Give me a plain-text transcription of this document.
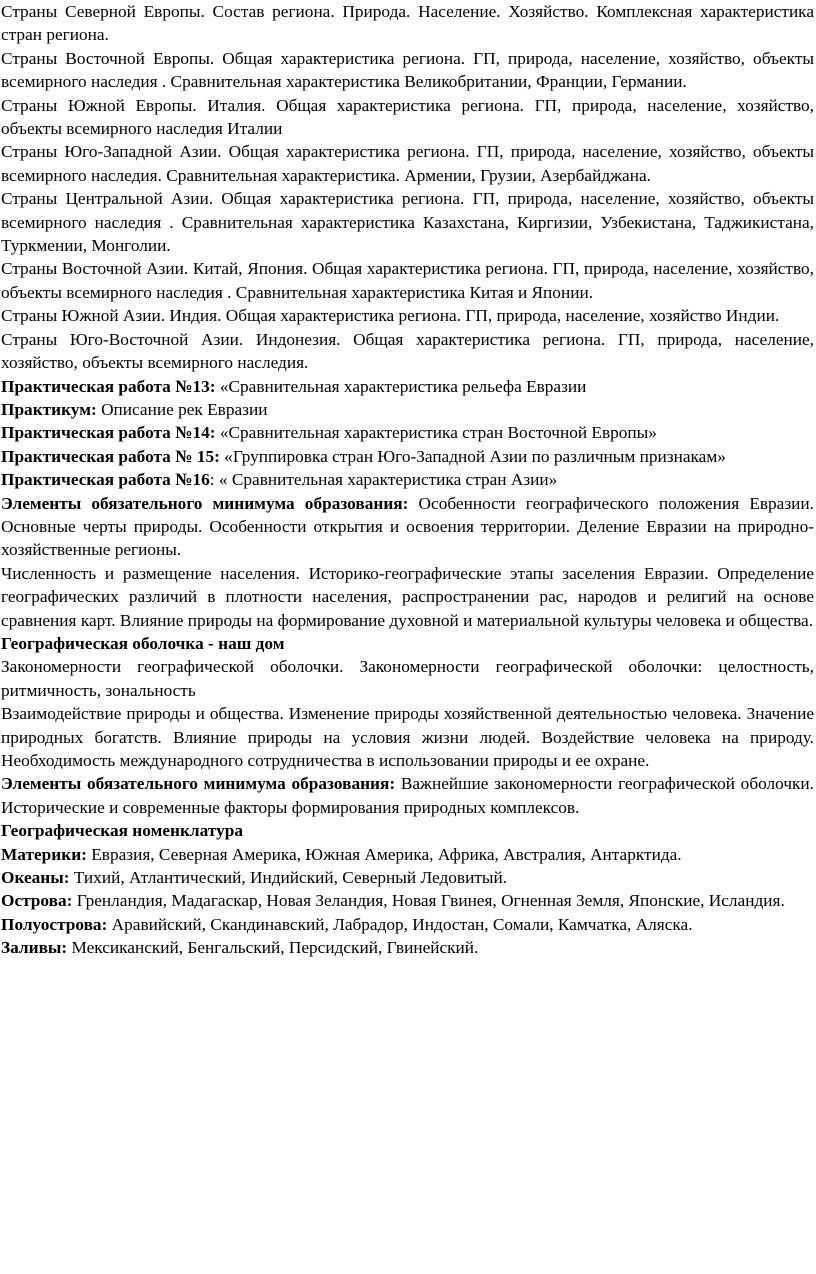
Страны Северной Европы. Состав региона. Природа. Население. Хозяйство. Комплексная характеристика стран региона.

Страны Восточной Европы. Общая характеристика региона. ГП, природа, население, хозяйство, объекты всемирного наследия . Сравнительная характеристика Великобритании, Франции, Германии.

Страны Южной Европы. Италия. Общая характеристика региона. ГП, природа, население, хозяйство, объекты всемирного наследия Италии

Страны Юго-Западной Азии. Общая характеристика региона. ГП, природа, население, хозяйство, объекты всемирного наследия. Сравнительная характеристика. Армении, Грузии, Азербайджана.

Страны Центральной Азии. Общая характеристика региона. ГП, природа, население, хозяйство, объекты всемирного наследия . Сравнительная характеристика Казахстана, Киргизии, Узбекистана, Таджикистана, Туркмении, Монголии.

Страны Восточной Азии. Китай, Япония. Общая характеристика региона. ГП, природа, население, хозяйство, объекты всемирного наследия . Сравнительная характеристика Китая и Японии.

Страны Южной Азии. Индия. Общая характеристика региона. ГП, природа, население, хозяйство Индии.

Страны Юго-Восточной Азии. Индонезия. Общая характеристика региона. ГП, природа, население, хозяйство, объекты всемирного наследия.

Практическая работа №13: «Сравнительная характеристика рельефа Евразии

Практикум: Описание рек Евразии

Практическая работа №14: «Сравнительная характеристика стран Восточной Европы»

Практическая работа № 15: «Группировка стран Юго-Западной Азии по различным признакам»

Практическая работа №16: « Сравнительная характеристика стран Азии»

Элементы обязательного минимума образования: Особенности географического положения Евразии. Основные черты природы. Особенности открытия и освоения территории. Деление Евразии на природно-хозяйственные регионы.

Численность и размещение населения. Историко-географические этапы заселения Евразии. Определение географических различий в плотности населения, распространении рас, народов и религий на основе сравнения карт. Влияние природы на формирование духовной и материальной культуры человека и общества.

Географическая оболочка - наш дом

Закономерности географической оболочки. Закономерности географической оболочки: целостность, ритмичность, зональность

Взаимодействие природы и общества. Изменение природы хозяйственной деятельностью человека. Значение природных богатств. Влияние природы на условия жизни людей. Воздействие человека на природу. Необходимость международного сотрудничества в использовании природы и ее охране.

Элементы обязательного минимума образования: Важнейшие закономерности географической оболочки. Исторические и современные факторы формирования природных комплексов.

Географическая номенклатура

Материки: Евразия, Северная Америка, Южная Америка, Африка, Австралия, Антарктида.

Океаны: Тихий, Атлантический, Индийский, Северный Ледовитый.

Острова: Гренландия, Мадагаскар, Новая Зеландия, Новая Гвинея, Огненная Земля, Японские, Исландия.

Полуострова: Аравийский, Скандинавский, Лабрадор, Индостан, Сомали, Камчатка, Аляска.

Заливы: Мексиканский, Бенгальский, Персидский, Гвинейский.
